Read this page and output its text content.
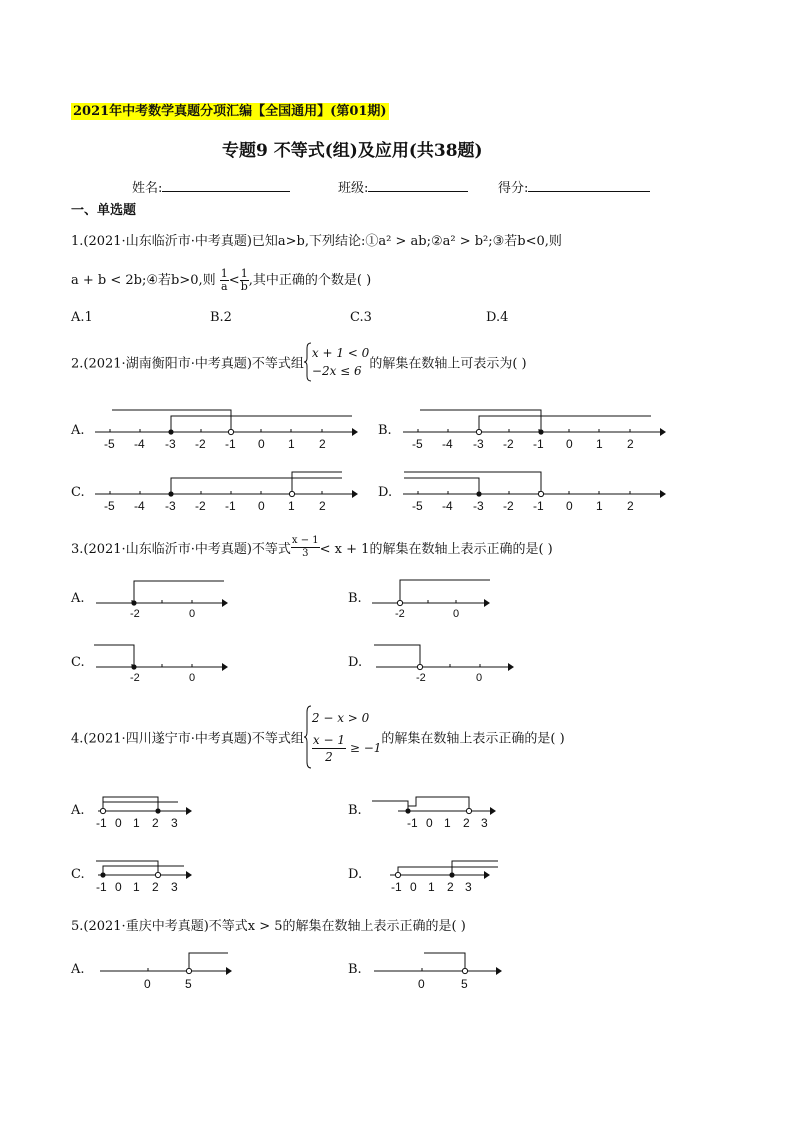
2021年中考数学真题分项汇编【全国通用】(第01期)
专题9 不等式(组)及应用(共38题)
姓名:	班级:	得分:
一、单选题
1.(2021·山东临沂市·中考真题)已知a>b,下列结论:①a² > ab;②a² > b²;③若b<0,则
a + b < 2b;④若b>0,则 $\frac{1}{a} < \frac{1}{b}$ ,其中正确的个数是( )
A.1	B.2	C.3	D.4
2.(2021·湖南衡阳市·中考真题)不等式组
x + 1 < 0
−2x ≤ 6 的解集在数轴上可表示为( )
A.	B.
C.	D.
-5 -4 -3 -2 -1 0 1 2	-5 -4 -3 -2 -1 0 1 2
-5 -4 -3 -2 -1 0 1 2	-5 -4 -3 -2 -1 0 1 2
3.(2021·山东临沂市·中考真题)不等式 $\frac{x - 1}{3} < x + 1$的解集在数轴上表示正确的是( )
A.	B.
C.	D.
-2	0	-2	0
-2	0	-2	0
4.(2021·四川遂宁市·中考真题)不等式组
2 − x > 0
$\frac{x - 1}{2} \ge -1$
的解集在数轴上表示正确的是( )
A.	B.
C.	D.
-1 0 1 2 3	-1 0 1 2 3
-1 0 1 2 3	-1 0 1 2 3
5.(2021·重庆中考真题)不等式x > 5的解集在数轴上表示正确的是( )
A.	B.
0	5	0	5
